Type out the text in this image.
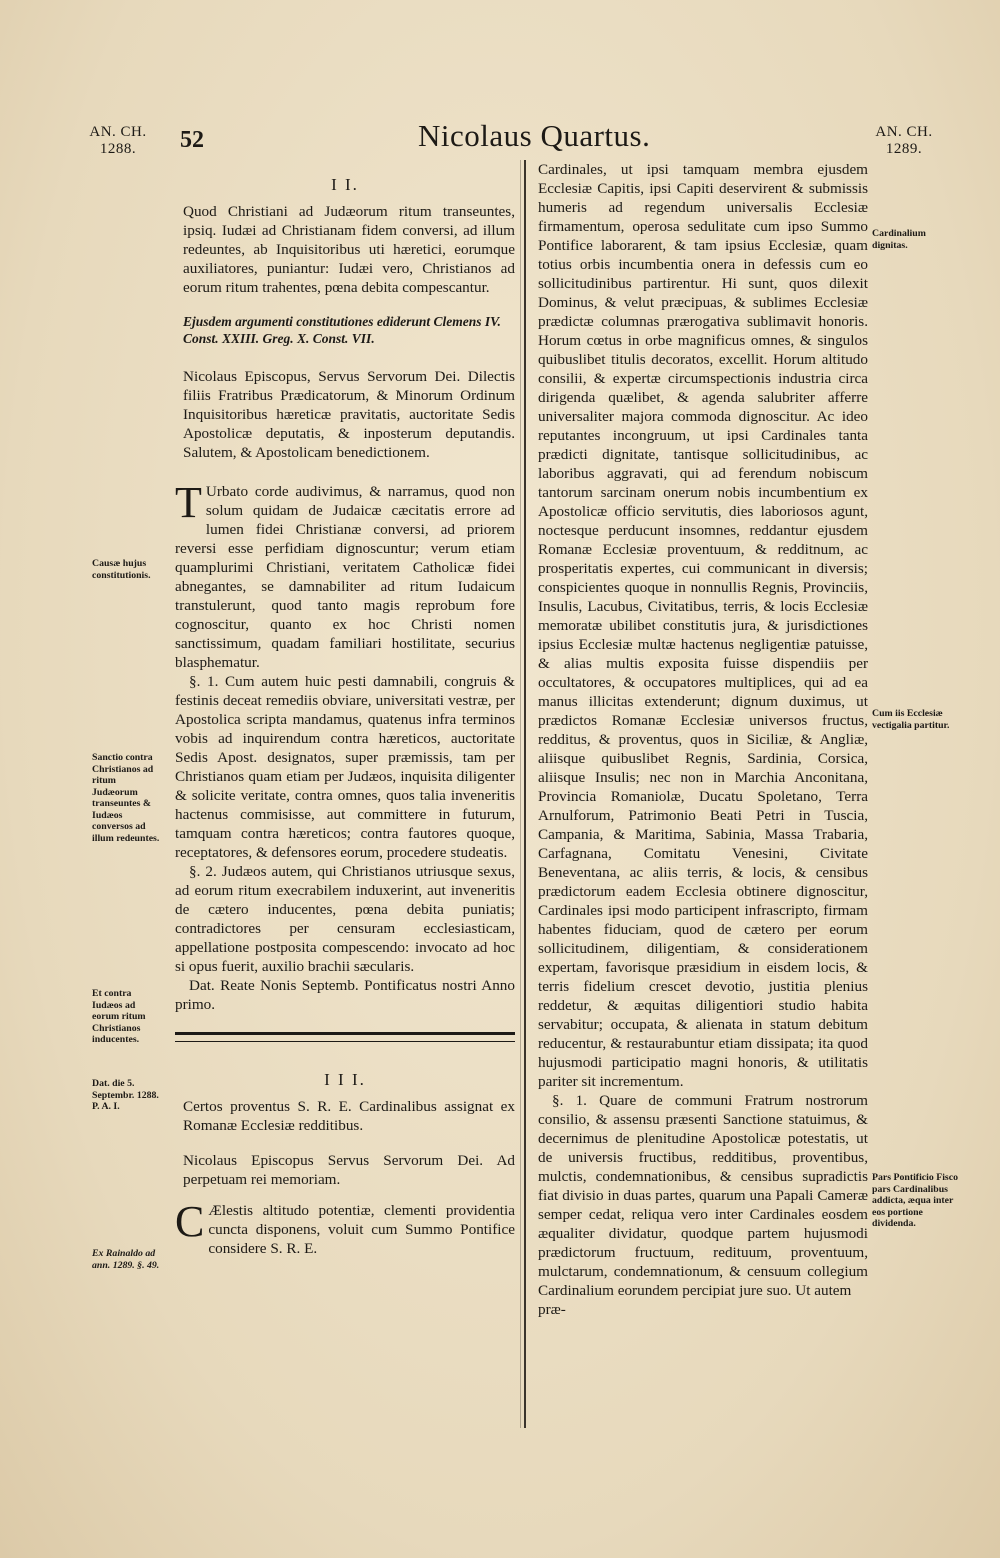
AN. CH.
1288.	52	Nicolaus Quartus.	AN. CH.
1289.
I I.

Quod Christiani ad Judæorum ritum transeuntes, ipsiq. Iudæi ad Christianam fidem conversi, ad illum redeuntes, ab Inquisitoribus uti hæretici, eorumque auxiliatores, puniantur: Iudæi vero, Christianos ad eorum ritum trahentes, pœna debita compescantur.

Ejusdem argumenti constitutiones ediderunt Clemens IV. Const. XXIII. Greg. X. Const. VII.

Nicolaus Episcopus, Servus Servorum Dei. Dilectis filiis Fratribus Prædicatorum, & Minorum Ordinum Inquisitoribus hæreticæ pravitatis, auctoritate Sedis Apostolicæ deputatis, & inposterum deputandis. Salutem, & Apostolicam benedictionem.

T Urbato corde audivimus, & narramus, quod non solum quidam de Judaicæ cæcitatis errore ad lumen fidei Christianæ conversi, ad priorem reversi esse perfidiam dignoscuntur; verum etiam quamplurimi Christiani, veritatem Catholicæ fidei abnegantes, se damnabiliter ad ritum Iudaicum transtulerunt, quod tanto magis reprobum fore cognoscitur, quanto ex hoc Christi nomen sanctissimum, quadam familiari hostilitate, securius blasphematur.

§. 1. Cum autem huic pesti damnabili, congruis & festinis deceat remediis obviare, universitati vestræ, per Apostolica scripta mandamus, quatenus infra terminos vobis ad inquirendum contra hæreticos, auctoritate Sedis Apost. designatos, super præmissis, tam per Christianos quam etiam per Judæos, inquisita diligenter & solicite veritate, contra omnes, quos talia inveneritis hactenus commisisse, aut committere in futurum, tamquam contra hæreticos; contra fautores quoque, receptatores, & defensores eorum, procedere studeatis.

§. 2. Judæos autem, qui Christianos utriusque sexus, ad eorum ritum execrabilem induxerint, aut inveneritis de cætero inducentes, pœna debita puniatis; contradictores per censuram ecclesiasticam, appellatione postposita compescendo: invocato ad hoc si opus fuerit, auxilio brachii sæcularis.

Dat. Reate Nonis Septemb. Pontificatus nostri Anno primo.

I I I.

Certos proventus S. R. E. Cardinalibus assignat ex Romanæ Ecclesiæ redditibus.

Nicolaus Episcopus Servus Servorum Dei. Ad perpetuam rei memoriam.

C Ælestis altitudo potentiæ, clementi providentia cuncta disponens, voluit cum Summo Pontifice considere S. R. E.

Cardinales, ut ipsi tamquam membra ejusdem Ecclesiæ Capitis, ipsi Capiti deservirent & submissis humeris ad regendum universalis Ecclesiæ firmamentum, operosa sedulitate cum ipso Summo Pontifice laborarent, & tam ipsius Ecclesiæ, quam totius orbis incumbentia onera in defessis cum eo sollicitudinibus partirentur. Hi sunt, quos dilexit Dominus, & velut præcipuas, & sublimes Ecclesiæ prædictæ columnas prærogativa sublimavit honoris. Horum cœtus in orbe magnificus omnes, & singulos quibuslibet titulis decoratos, excellit. Horum altitudo consilii, & expertæ circumspectionis industria circa dirigenda quælibet, & agenda salubriter afferre universaliter majora commoda dignoscitur. Ac ideo reputantes incongruum, ut ipsi Cardinales tanta prædicti dignitate, tantisque sollicitudinibus, ac laboribus aggravati, qui ad ferendum nobiscum tantorum sarcinam onerum nobis incumbentium ex Apostolicæ officio servitutis, dies laboriosos agunt, noctesque perducunt insomnes, reddantur ejusdem Romanæ Ecclesiæ proventuum, & redditnum, ac prosperitatis expertes, cui communicant in diversis; conspicientes quoque in nonnullis Regnis, Provinciis, Insulis, Lacubus, Civitatibus, terris, & locis Ecclesiæ memoratæ ubilibet constitutis jura, & jurisdictiones ipsius Ecclesiæ multæ hactenus negligentiæ patuisse, & alias multis exposita fuisse dispendiis per occultatores, & occupatores multiplices, qui ad ea manus illicitas extenderunt; dignum duximus, ut prædictos Romanæ Ecclesiæ universos fructus, redditus, & proventus, quos in Siciliæ, & Angliæ, aliisque quibuslibet Regnis, Sardinia, Corsica, aliisque Insulis; nec non in Marchia Anconitana, Provincia Romaniolæ, Ducatu Spoletano, Terra Arnulforum, Patrimonio Beati Petri in Tuscia, Campania, & Maritima, Sabinia, Massa Trabaria, Carfagnana, Comitatu Venesini, Civitate Beneventana, ac aliis terris, & locis, & censibus prædictorum eadem Ecclesia obtinere dignoscitur, Cardinales ipsi modo participent infrascripto, firmam habentes fiduciam, quod de cætero per eorum sollicitudinem, diligentiam, & considerationem expertam, favorisque præsidium in eisdem locis, & terris fidelium crescet devotio, justitia plenius reddetur, & æquitas diligentiori studio habita servabitur; occupata, & alienata in statum debitum reducentur, & restaurabuntur etiam dissipata; ita quod hujusmodi participatio magni honoris, & utilitatis pariter sit incrementum.

§. 1. Quare de communi Fratrum nostrorum consilio, & assensu præsenti Sanctione statuimus, & decernimus de plenitudine Apostolicæ potestatis, ut de universis fructibus, redditibus, proventibus, mulctis, condemnationibus, & censibus supradictis fiat divisio in duas partes, quarum una Papali Cameræ semper cedat, reliqua vero inter Cardinales eosdem æqualiter dividatur, quodque partem hujusmodi prædictorum fructuum, redituum, proventuum, mulctarum, condemnationum, & censuum collegium Cardinalium eorundem percipiat jure suo. Ut autem

præ-

Causæ hujus constitutionis.
Sanctio contra Christianos ad ritum Judæorum transeuntes & Iudæos conversos ad illum redeuntes.
Et contra Iudæos ad eorum ritum Christianos inducentes.
Dat. die 5. Septembr. 1288. P. A. I.
Ex Rainaldo ad ann. 1289. §. 49.
Cardinalium dignitas.
Cum iis Ecclesiæ vectigalia partitur.
Pars Pontificio Fisco pars Cardinalibus addicta, æqua inter eos portione dividenda.
